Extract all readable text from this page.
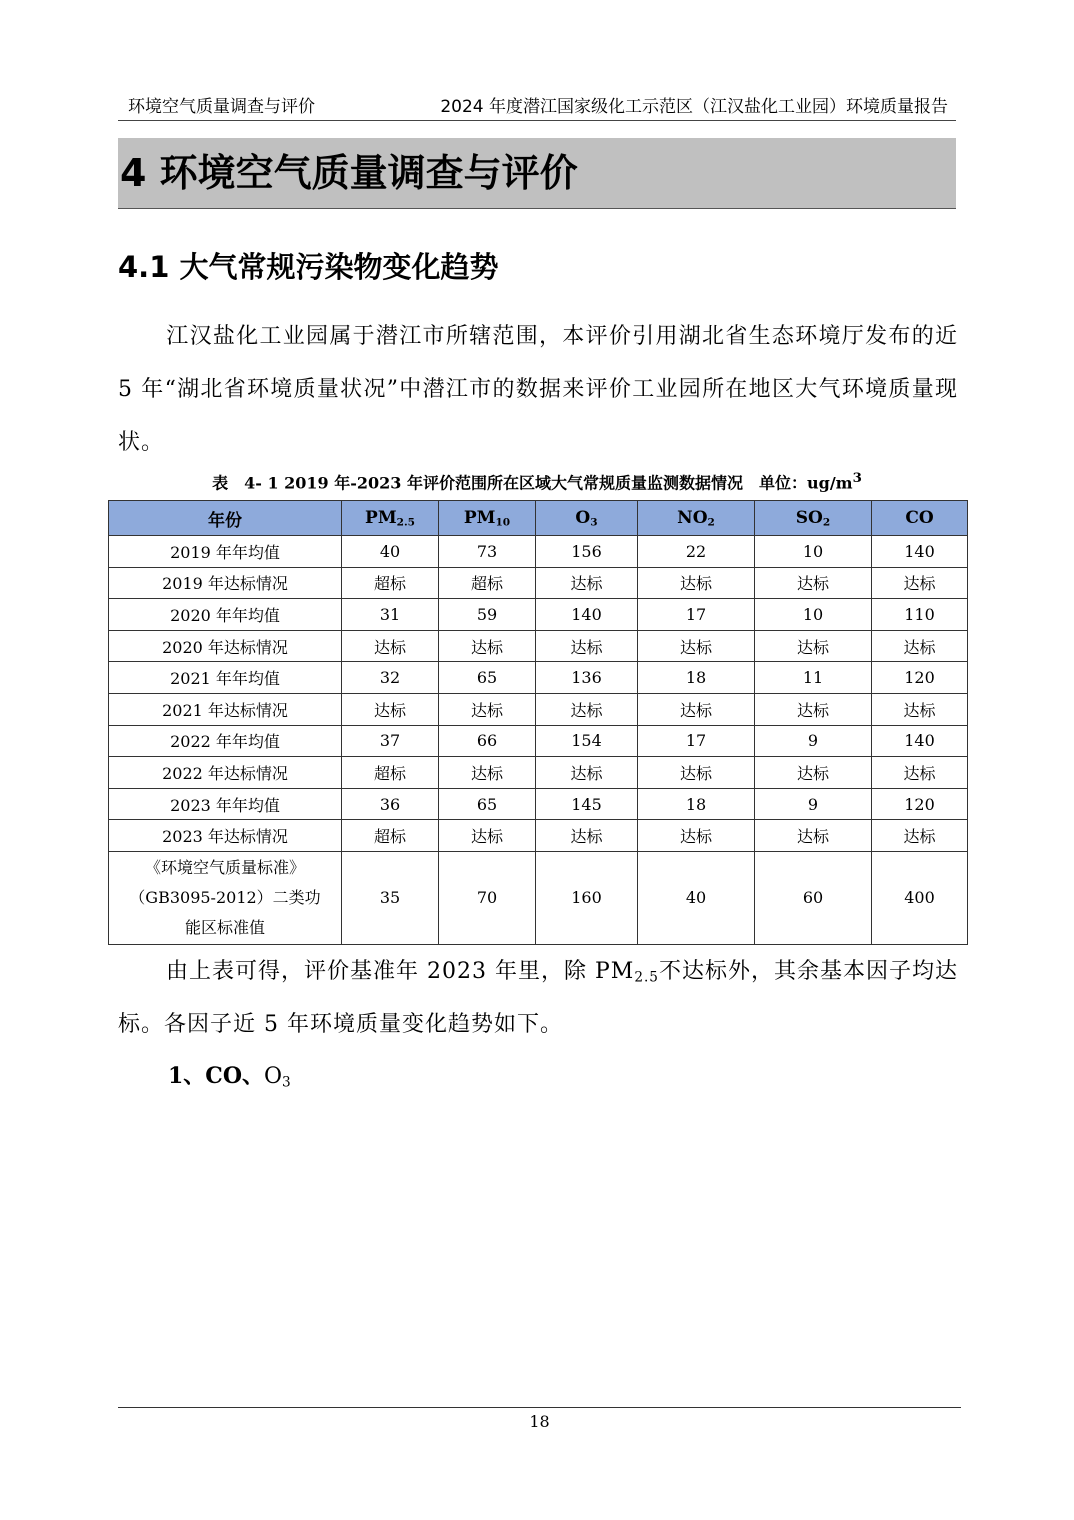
环境空气质量调查与评价	2024 年度潜江国家级化工示范区（江汉盐化工业园）环境质量报告
4 环境空气质量调查与评价
4.1 大气常规污染物变化趋势

江汉盐化工业园属于潜江市所辖范围，本评价引用湖北省生态环境厅发布的近 5 年“湖北省环境质量状况”中潜江市的数据来评价工业园所在地区大气环境质量现状。

表　4- 1 2019 年-2023 年评价范围所在区域大气常规质量监测数据情况　单位：$ug/m^3$
年份	$PM_{2.5}$	$PM_{10}$	$O_3$	$NO_2$	$SO_2$	CO
2019 年年均值	40	73	156	22	10	140
2019 年达标情况	超标	超标	达标	达标	达标	达标
2020 年年均值	31	59	140	17	10	110
2020 年达标情况	达标	达标	达标	达标	达标	达标
2021 年年均值	32	65	136	18	11	120
2021 年达标情况	达标	达标	达标	达标	达标	达标
2022 年年均值	37	66	154	17	9	140
2022 年达标情况	超标	达标	达标	达标	达标	达标
2023 年年均值	36	65	145	18	9	120
2023 年达标情况	超标	达标	达标	达标	达标	达标

《环境空气质量标准》
（GB3095-2012）二类功
能区标准值	35	70	160	40	60	400

由上表可得，评价基准年 2023 年里，除 $PM_{2.5}$不达标外，其余基本因子均达标。各因子近 5 年环境质量变化趋势如下。

1、CO、$O_3$
18
